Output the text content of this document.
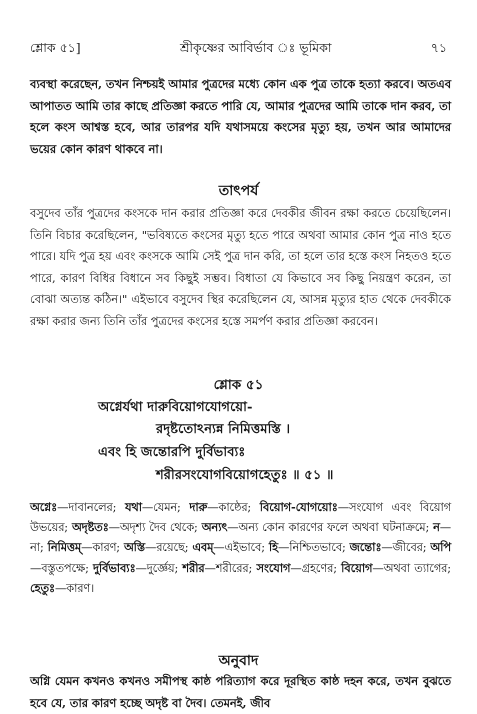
শ্লোক ৫১]	শ্রীকৃষ্ণের আবির্ভাব ঃ ভূমিকা	৭১

ব্যবস্থা করেছেন, তখন নিশ্চয়ই আমার পুত্রদের মধ্যে কোন এক পুত্র তাকে হত্যা করবে। অতএব আপাতত আমি তার কাছে প্রতিজ্ঞা করতে পারি যে, আমার পুত্রদের আমি তাকে দান করব, তা হলে কংস আশ্বস্ত হবে, আর তারপর যদি যথাসময়ে কংসের মৃত্যু হয়, তখন আর আমাদের ভয়ের কোন কারণ থাকবে না।

তাৎপর্য

বসুদেব তাঁর পুত্রদের কংসকে দান করার প্রতিজ্ঞা করে দেবকীর জীবন রক্ষা করতে চেয়েছিলেন। তিনি বিচার করেছিলেন, "ভবিষ্যতে কংসের মৃত্যু হতে পারে অথবা আমার কোন পুত্র নাও হতে পারে। যদি পুত্র হয় এবং কংসকে আমি সেই পুত্র দান করি, তা হলে তার হস্তে কংস নিহতও হতে পারে, কারণ বিধির বিধানে সব কিছুই সম্ভব। বিধাতা যে কিভাবে সব কিছু নিয়ন্ত্রণ করেন, তা বোঝা অত্যন্ত কঠিন।" এইভাবে বসুদেব স্থির করেছিলেন যে, আসন্ন মৃত্যুর হাত থেকে দেবকীকে রক্ষা করার জন্য তিনি তাঁর পুত্রদের কংসের হস্তে সমর্পণ করার প্রতিজ্ঞা করবেন।

শ্লোক ৫১

অগ্নের্যথা দারুবিয়োগযোগয়ো-

রদৃষ্টতোঽন্যন্ন নিমিত্তমস্তি ।

এবং হি জন্তোরপি দুর্বিভাব্যঃ

শরীরসংযোগবিয়োগহেতুঃ ॥ ৫১ ॥

অগ্নেঃ—দাবানলের; যথা—যেমন; দারু—কাষ্ঠের; বিয়োগ-যোগয়োঃ—সংযোগ এবং বিয়োগ উভয়ের; অদৃষ্টতঃ—অদৃশ্য দৈব থেকে; অন্যৎ—অন্য কোন কারণের ফলে অথবা ঘটনাক্রমে; ন—না; নিমিত্তম্—কারণ; অস্তি—রয়েছে; এবম্—এইভাবে; হি—নিশ্চিতভাবে; জন্তোঃ—জীবের; অপি—বস্তুতপক্ষে; দুর্বিভাব্যঃ—দুর্জ্ঞেয়; শরীর—শরীরের; সংযোগ—গ্রহণের; বিয়োগ—অথবা ত্যাগের; হেতুঃ—কারণ।

অনুবাদ

অগ্নি যেমন কখনও কখনও সমীপস্থ কাষ্ঠ পরিত্যাগ করে দূরস্থিত কাষ্ঠ দহন করে, তখন বুঝতে হবে যে, তার কারণ হচ্ছে অদৃষ্ট বা দৈব। তেমনই, জীব
